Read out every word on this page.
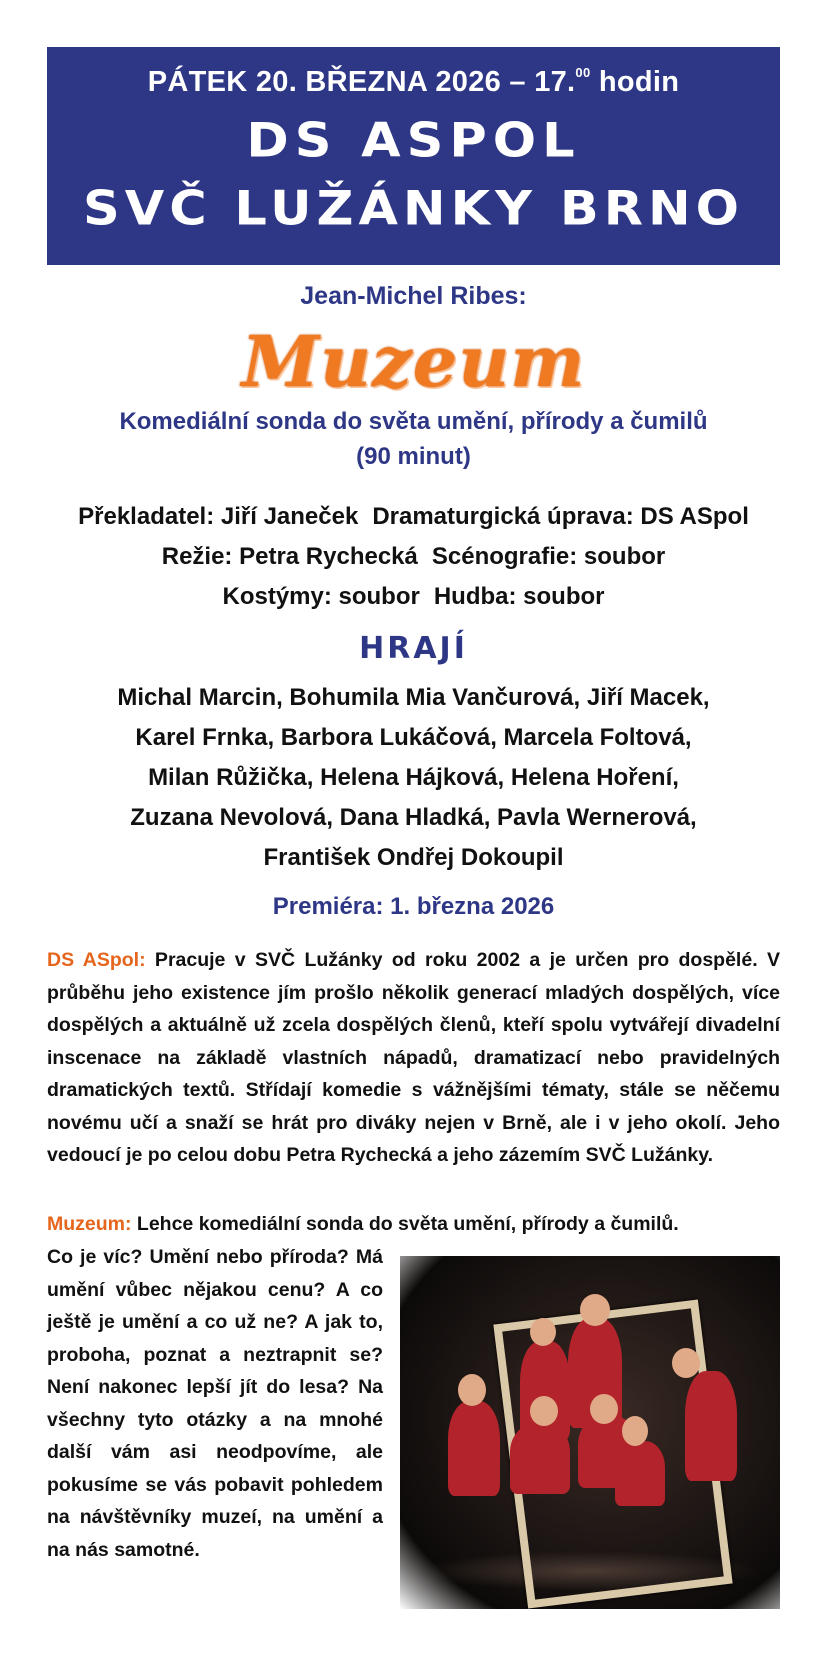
PÁTEK 20. BŘEZNA 2026 – 17.00 hodin
DS ASPOL
SVČ LUŽÁNKY BRNO
Jean-Michel Ribes:
Muzeum
Komediální sonda do světa umění, přírody a čumilů
(90 minut)
Překladatel: Jiří Janeček Dramaturgická úprava: DS ASpol
Režie: Petra Rychecká Scénografie: soubor
Kostýmy: soubor Hudba: soubor
HRAJÍ
Michal Marcin, Bohumila Mia Vančurová, Jiří Macek,
Karel Frnka, Barbora Lukáčová, Marcela Foltová,
Milan Růžička, Helena Hájková, Helena Hoření,
Zuzana Nevolová, Dana Hladká, Pavla Wernerová,
František Ondřej Dokoupil
Premiéra: 1. března 2026
DS ASpol: Pracuje v SVČ Lužánky od roku 2002 a je určen pro dospělé. V průběhu jeho existence jím prošlo několik generací mladých dospělých, více dospělých a aktuálně už zcela dospělých členů, kteří spolu vytvářejí divadelní inscenace na základě vlastních nápadů, dramatizací nebo pravidelných dramatických textů. Střídají komedie s vážnějšími tématy, stále se něčemu novému učí a snaží se hrát pro diváky nejen v Brně, ale i v jeho okolí. Jeho vedoucí je po celou dobu Petra Rychecká a jeho zázemím SVČ Lužánky.
Muzeum: Lehce komediální sonda do světa umění, přírody a čumilů.
Co je víc? Umění nebo příroda? Má umění vůbec nějakou cenu? A co ještě je umění a co už ne? A jak to, proboha, poznat a neztrapnit se? Není nakonec lepší jít do lesa? Na všechny tyto otázky a na mnohé další vám asi neodpovíme, ale pokusíme se vás pobavit pohledem na návštěvníky muzeí, na umění a na nás samotné.
